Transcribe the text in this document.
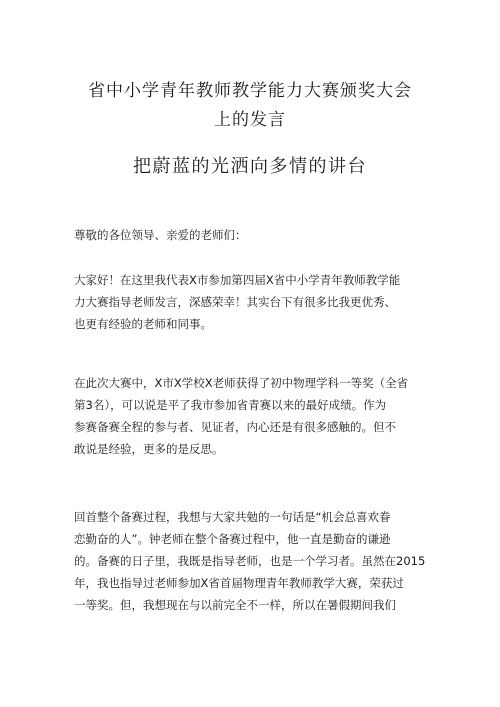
省中小学青年教师教学能力大赛颁奖大会
上的发言
把蔚蓝的光洒向多情的讲台
尊敬的各位领导、亲爱的老师们：
大家好！在这里我代表X市参加第四届X省中小学青年教师教学能
力大赛指导老师发言，深感荣幸！其实台下有很多比我更优秀、
也更有经验的老师和同事。
在此次大赛中，X市X学校X老师获得了初中物理学科一等奖（全省
第3名），可以说是平了我市参加省青赛以来的最好成绩。作为
参赛备赛全程的参与者、见证者，内心还是有很多感触的。但不
敢说是经验，更多的是反思。
回首整个备赛过程，我想与大家共勉的一句话是“机会总喜欢眷
恋勤奋的人”。钟老师在整个备赛过程中，他一直是勤奋的谦逊
的。备赛的日子里，我既是指导老师，也是一个学习者。虽然在2015
年，我也指导过老师参加X省首届物理青年教师教学大赛，荣获过
一等奖。但，我想现在与以前完全不一样，所以在暑假期间我们
